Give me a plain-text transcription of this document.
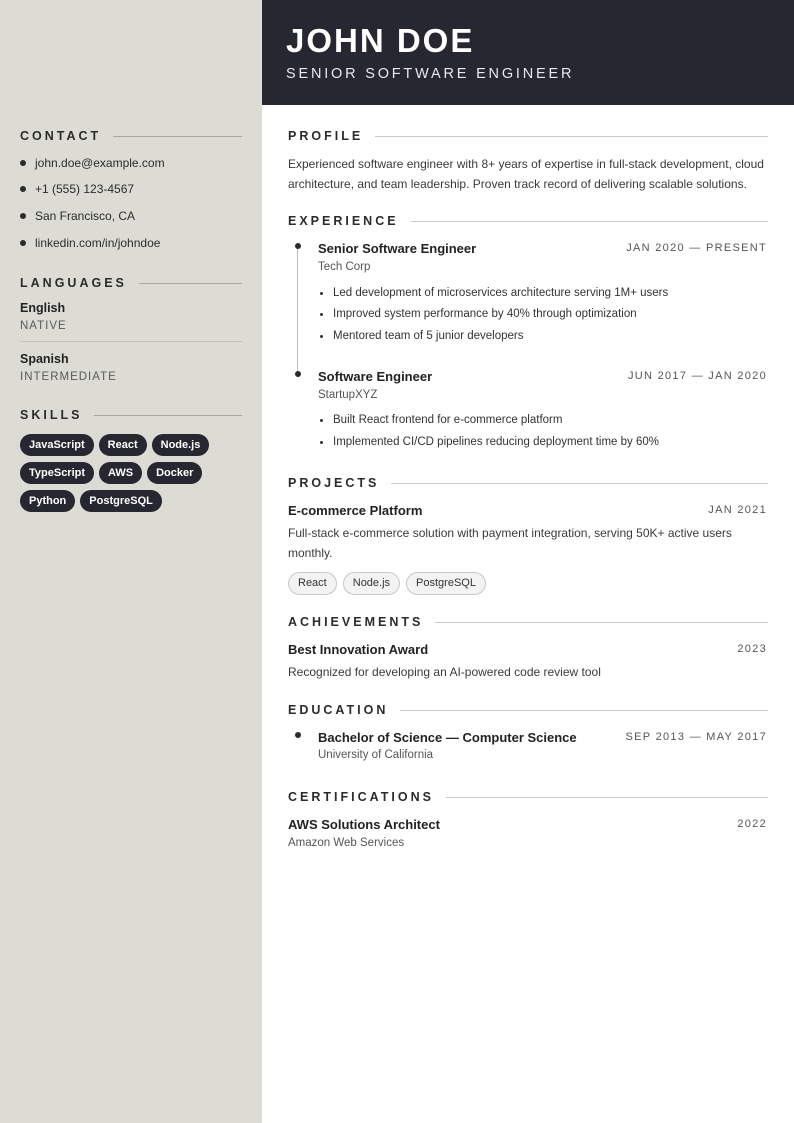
CONTACT
john.doe@example.com
+1 (555) 123-4567
San Francisco, CA
linkedin.com/in/johndoe
LANGUAGES
English
NATIVE
Spanish
INTERMEDIATE
SKILLS
JavaScript	React	Node.js
TypeScript	AWS	Docker
Python	PostgreSQL
JOHN DOE
SENIOR SOFTWARE ENGINEER
PROFILE
Experienced software engineer with 8+ years of expertise in full-stack development, cloud
architecture, and team leadership. Proven track record of delivering scalable solutions.
EXPERIENCE
Senior Software Engineer	JAN 2020 — PRESENT
Tech Corp
Led development of microservices architecture serving 1M+ users
Improved system performance by 40% through optimization
Mentored team of 5 junior developers
Software Engineer	JUN 2017 — JAN 2020
StartupXYZ
Built React frontend for e-commerce platform
Implemented CI/CD pipelines reducing deployment time by 60%
PROJECTS
E-commerce Platform	JAN 2021
Full-stack e-commerce solution with payment integration, serving 50K+ active users
monthly.
React	Node.js	PostgreSQL
ACHIEVEMENTS
Best Innovation Award	2023
Recognized for developing an AI-powered code review tool
EDUCATION
Bachelor of Science — Computer Science	SEP 2013 — MAY 2017
University of California
CERTIFICATIONS
AWS Solutions Architect	2022
Amazon Web Services
